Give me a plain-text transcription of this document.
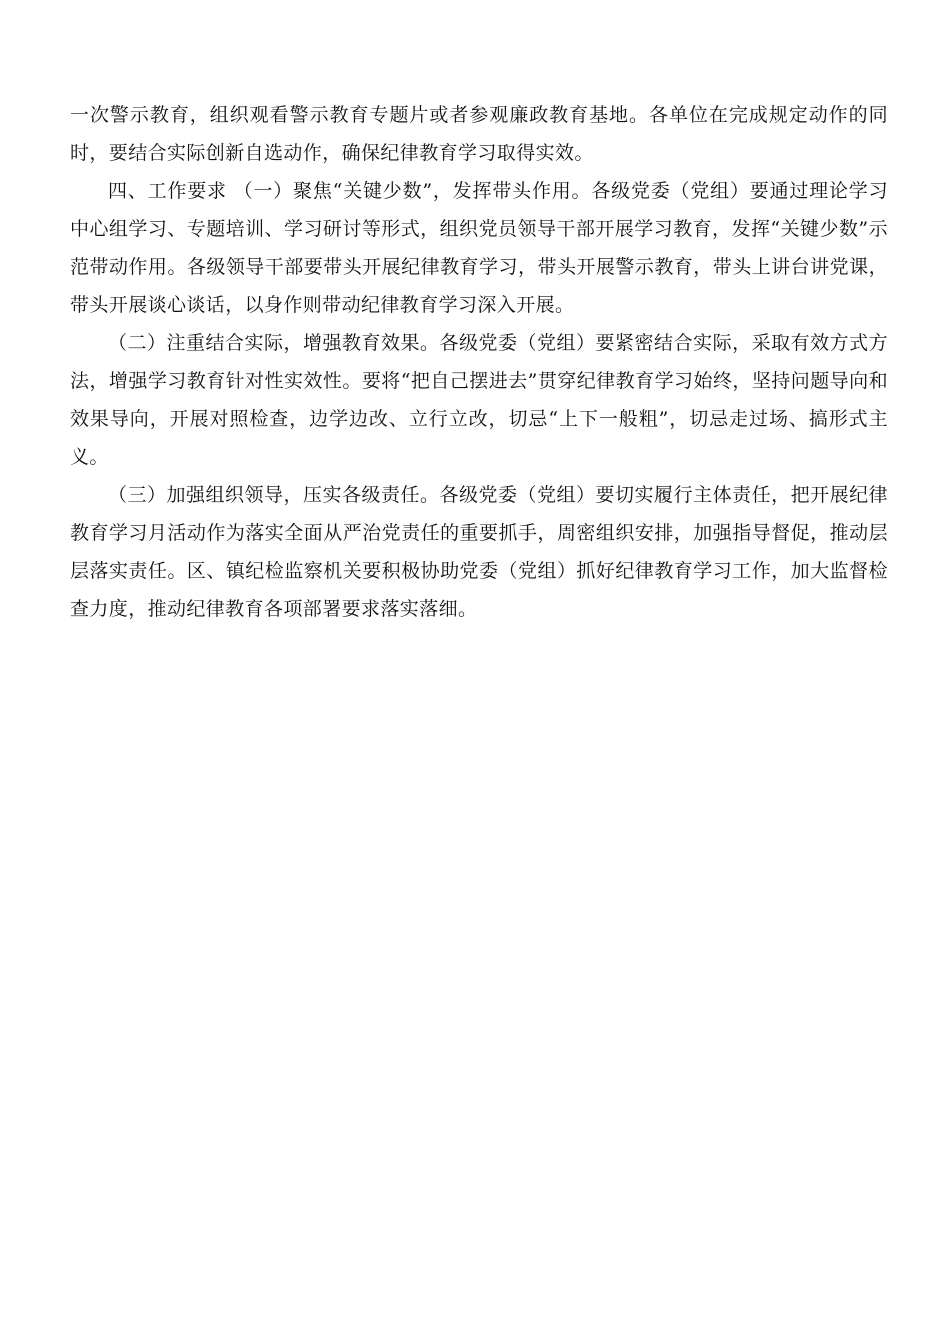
一次警示教育，组织观看警示教育专题片或者参观廉政教育基地。各单位在完成规定动作的同时，要结合实际创新自选动作，确保纪律教育学习取得实效。

四、工作要求 （一）聚焦“关键少数”，发挥带头作用。各级党委（党组）要通过理论学习中心组学习、专题培训、学习研讨等形式，组织党员领导干部开展学习教育，发挥“关键少数”示范带动作用。各级领导干部要带头开展纪律教育学习，带头开展警示教育，带头上讲台讲党课，带头开展谈心谈话，以身作则带动纪律教育学习深入开展。

（二）注重结合实际，增强教育效果。各级党委（党组）要紧密结合实际，采取有效方式方法，增强学习教育针对性实效性。要将“把自己摆进去”贯穿纪律教育学习始终，坚持问题导向和效果导向，开展对照检查，边学边改、立行立改，切忌“上下一般粗”，切忌走过场、搞形式主义。

（三）加强组织领导，压实各级责任。各级党委（党组）要切实履行主体责任，把开展纪律教育学习月活动作为落实全面从严治党责任的重要抓手，周密组织安排，加强指导督促，推动层层落实责任。区、镇纪检监察机关要积极协助党委（党组）抓好纪律教育学习工作，加大监督检查力度，推动纪律教育各项部署要求落实落细。
